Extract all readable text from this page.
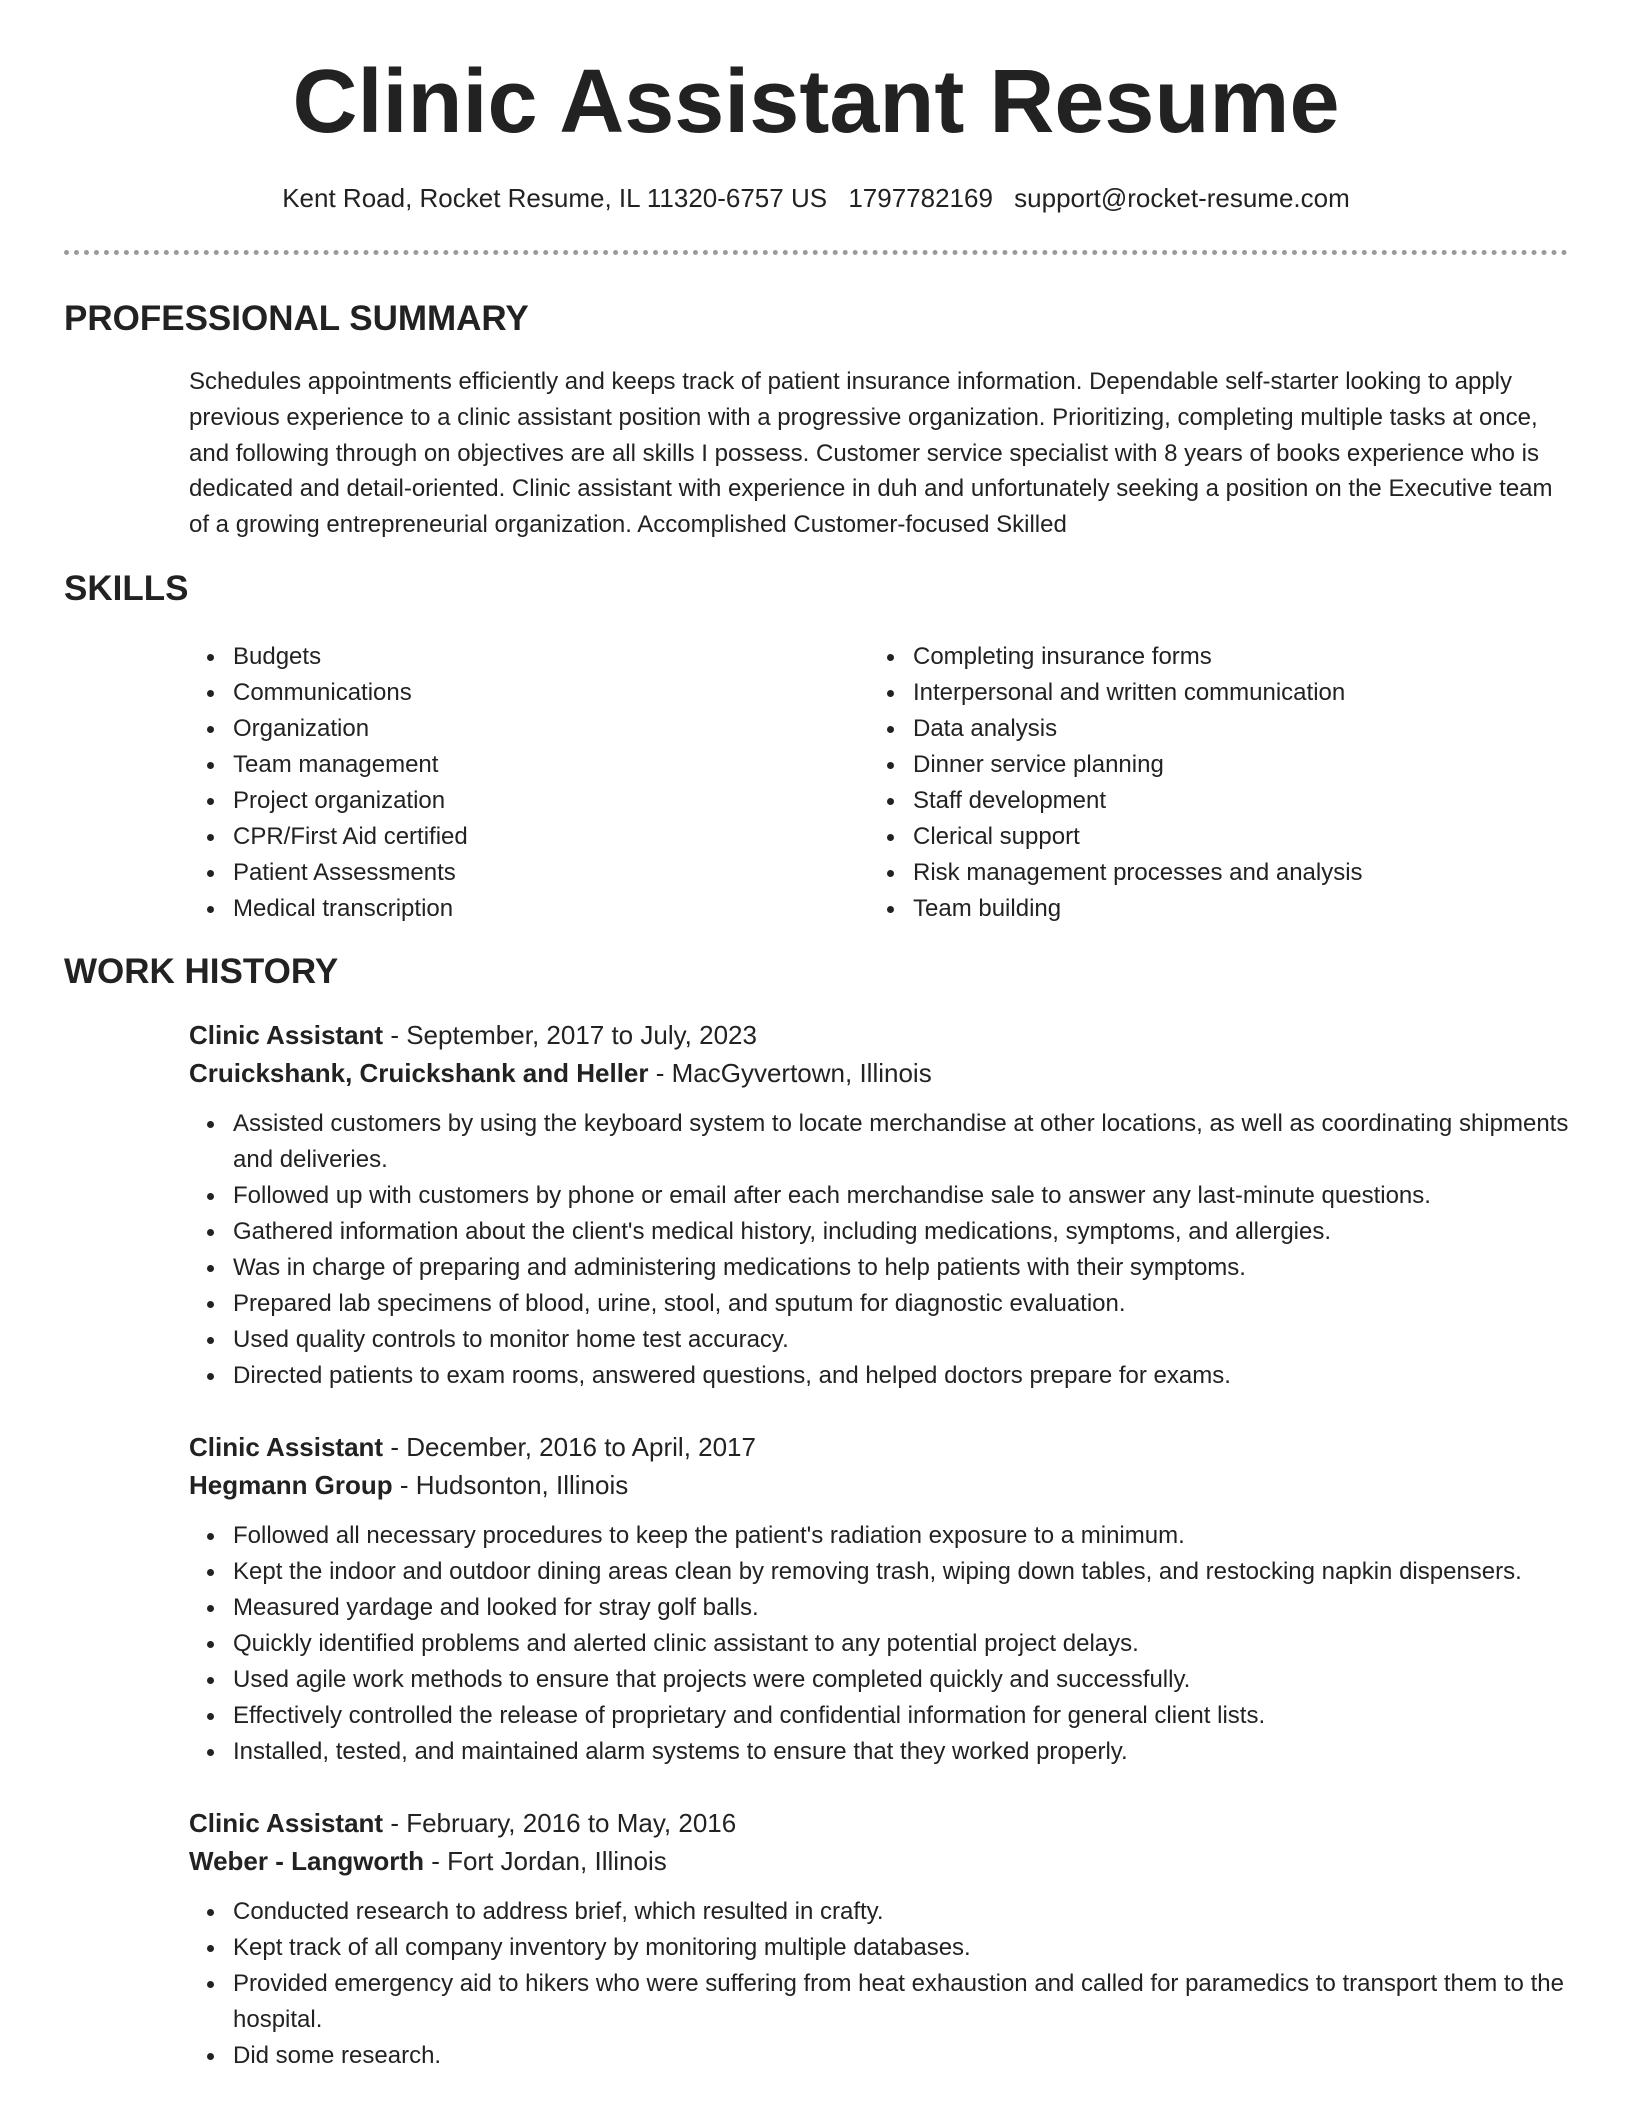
Clinic Assistant Resume
Kent Road, Rocket Resume, IL 11320-6757 US 1797782169 support@rocket-resume.com
PROFESSIONAL SUMMARY

Schedules appointments efficiently and keeps track of patient insurance information. Dependable self-starter looking to apply previous experience to a clinic assistant position with a progressive organization. Prioritizing, completing multiple tasks at once, and following through on objectives are all skills I possess. Customer service specialist with 8 years of books experience who is dedicated and detail-oriented. Clinic assistant with experience in duh and unfortunately seeking a position on the Executive team of a growing entrepreneurial organization. Accomplished Customer-focused Skilled

SKILLS
Budgets
Communications
Organization
Team management
Project organization
CPR/First Aid certified
Patient Assessments
Medical transcription
Completing insurance forms
Interpersonal and written communication
Data analysis
Dinner service planning
Staff development
Clerical support
Risk management processes and analysis
Team building
WORK HISTORY

Clinic Assistant - September, 2017 to July, 2023

Cruickshank, Cruickshank and Heller - MacGyvertown, Illinois

Assisted customers by using the keyboard system to locate merchandise at other locations, as well as coordinating shipments and deliveries.
Followed up with customers by phone or email after each merchandise sale to answer any last-minute questions.
Gathered information about the client's medical history, including medications, symptoms, and allergies.
Was in charge of preparing and administering medications to help patients with their symptoms.
Prepared lab specimens of blood, urine, stool, and sputum for diagnostic evaluation.
Used quality controls to monitor home test accuracy.
Directed patients to exam rooms, answered questions, and helped doctors prepare for exams.

Clinic Assistant - December, 2016 to April, 2017

Hegmann Group - Hudsonton, Illinois

Followed all necessary procedures to keep the patient's radiation exposure to a minimum.
Kept the indoor and outdoor dining areas clean by removing trash, wiping down tables, and restocking napkin dispensers.
Measured yardage and looked for stray golf balls.
Quickly identified problems and alerted clinic assistant to any potential project delays.
Used agile work methods to ensure that projects were completed quickly and successfully.
Effectively controlled the release of proprietary and confidential information for general client lists.
Installed, tested, and maintained alarm systems to ensure that they worked properly.

Clinic Assistant - February, 2016 to May, 2016

Weber - Langworth - Fort Jordan, Illinois

Conducted research to address brief, which resulted in crafty.
Kept track of all company inventory by monitoring multiple databases.
Provided emergency aid to hikers who were suffering from heat exhaustion and called for paramedics to transport them to the hospital.
Did some research.
